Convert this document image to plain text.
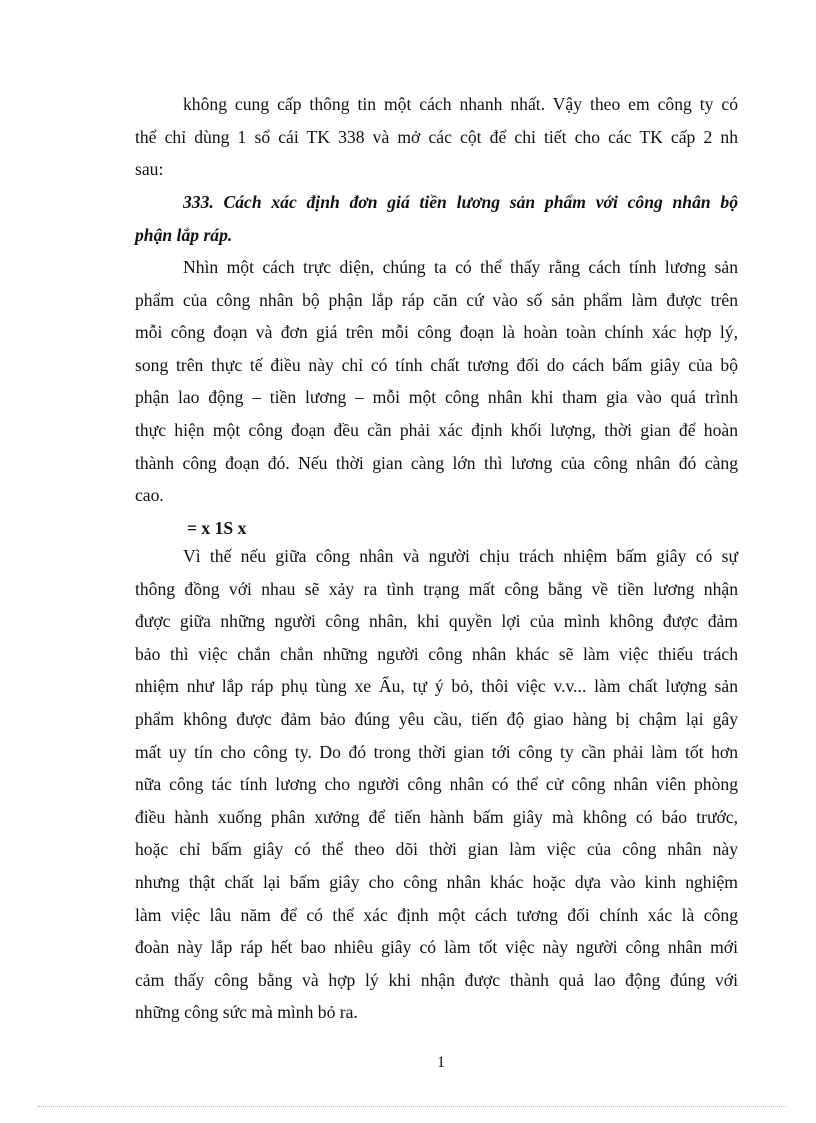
không cung cấp thông tin một cách nhanh nhất. Vậy theo em công ty có
thể chỉ dùng 1 sổ cái TK 338 và mở các cột để chi tiết cho các TK cấp 2 nh
sau:
333. Cách xác định đơn giá tiền lương sản phẩm với công nhân bộ
phận lắp ráp.
Nhìn một cách trực diện, chúng ta có thể thấy rằng cách tính lương sản
phẩm của công nhân bộ phận lắp ráp căn cứ vào số sản phẩm làm được trên
mỗi công đoạn và đơn giá trên mỗi công đoạn là hoàn toàn chính xác hợp lý,
song trên thực tế điều này chỉ có tính chất tương đối do cách bấm giây của bộ
phận lao động – tiền lương – mỗi một công nhân khi tham gia vào quá trình
thực hiện một công đoạn đều cần phải xác định khối lượng, thời gian để hoàn
thành công đoạn đó. Nếu thời gian càng lớn thì lương của công nhân đó càng
cao.
= x 1S x
Vì thế nếu giữa công nhân và người chịu trách nhiệm bấm giây có sự
thông đồng với nhau sẽ xảy ra tình trạng mất công bằng về tiền lương nhận
được giữa những người công nhân, khi quyền lợi của mình không được đảm
bảo thì việc chắn chắn những người công nhân khác sẽ làm việc thiếu trách
nhiệm như lắp ráp phụ tùng xe Ẩu, tự ý bỏ, thôi việc v.v... làm chất lượng sản
phẩm không được đảm bảo đúng yêu cầu, tiến độ giao hàng bị chậm lại gây
mất uy tín cho công ty. Do đó trong thời gian tới công ty cần phải làm tốt hơn
nữa công tác tính lương cho người công nhân có thể cử công nhân viên phòng
điều hành xuống phân xưởng để tiến hành bấm giây mà không có báo trước,
hoặc chỉ bấm giây có thể theo dõi thời gian làm việc của công nhân này
nhưng thật chất lại bấm giây cho công nhân khác hoặc dựa vào kinh nghiệm
làm việc lâu năm để có thể xác định một cách tương đối chính xác là công
đoàn này lắp ráp hết bao nhiêu giây có làm tốt việc này người công nhân mới
cảm thấy công bằng và hợp lý khi nhận được thành quả lao động đúng với
những công sức mà mình bỏ ra.
1
